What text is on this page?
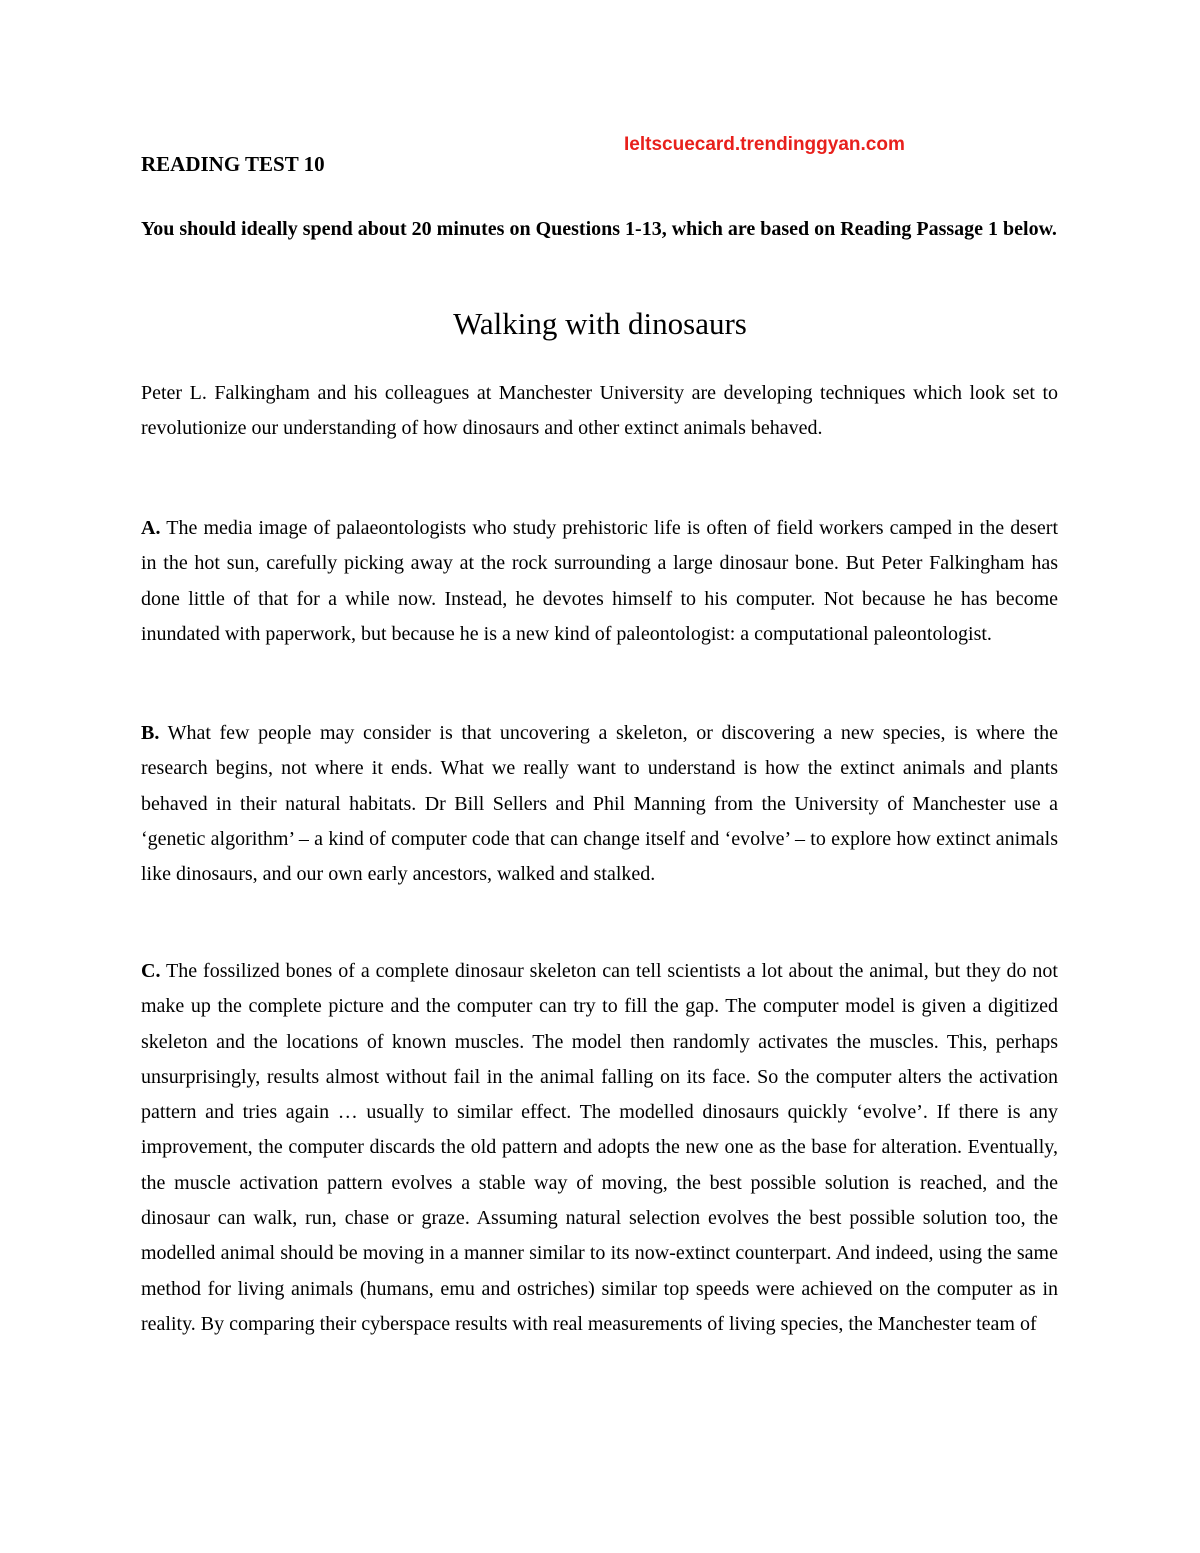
Ieltscuecard.trendinggyan.com
READING TEST 10

You should ideally spend about 20 minutes on Questions 1-13, which are based on Reading Passage 1 below.

Walking with dinosaurs

Peter L. Falkingham and his colleagues at Manchester University are developing techniques which look set to revolutionize our understanding of how dinosaurs and other extinct animals behaved.

A. The media image of palaeontologists who study prehistoric life is often of field workers camped in the desert in the hot sun, carefully picking away at the rock surrounding a large dinosaur bone. But Peter Falkingham has done little of that for a while now. Instead, he devotes himself to his computer. Not because he has become inundated with paperwork, but because he is a new kind of paleontologist: a computational paleontologist.

B. What few people may consider is that uncovering a skeleton, or discovering a new species, is where the research begins, not where it ends. What we really want to understand is how the extinct animals and plants behaved in their natural habitats. Dr Bill Sellers and Phil Manning from the University of Manchester use a ‘genetic algorithm’ – a kind of computer code that can change itself and ‘evolve’ – to explore how extinct animals like dinosaurs, and our own early ancestors, walked and stalked.

C. The fossilized bones of a complete dinosaur skeleton can tell scientists a lot about the animal, but they do not make up the complete picture and the computer can try to fill the gap. The computer model is given a digitized skeleton and the locations of known muscles. The model then randomly activates the muscles. This, perhaps unsurprisingly, results almost without fail in the animal falling on its face. So the computer alters the activation pattern and tries again … usually to similar effect. The modelled dinosaurs quickly ‘evolve’. If there is any improvement, the computer discards the old pattern and adopts the new one as the base for alteration. Eventually, the muscle activation pattern evolves a stable way of moving, the best possible solution is reached, and the dinosaur can walk, run, chase or graze. Assuming natural selection evolves the best possible solution too, the modelled animal should be moving in a manner similar to its now-extinct counterpart. And indeed, using the same method for living animals (humans, emu and ostriches) similar top speeds were achieved on the computer as in reality. By comparing their cyberspace results with real measurements of living species, the Manchester team of
